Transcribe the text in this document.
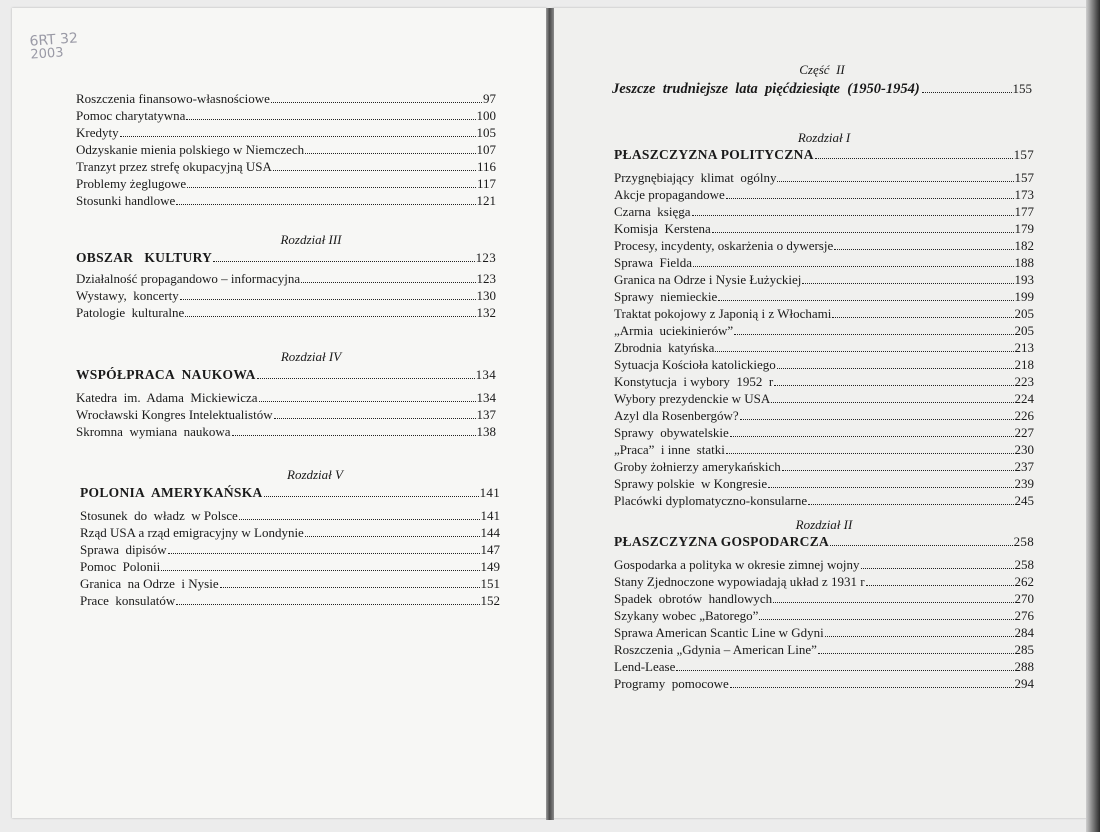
6RT 32
2003
Roszczenia finansowo-własnościowe	97
Pomoc charytatywna	100
Kredyty	105
Odzyskanie mienia polskiego w Niemczech	107
Tranzyt przez strefę okupacyjną USA	116
Problemy żeglugowe	117
Stosunki handlowe	121
Rozdział III
OBSZAR   KULTURY	123
Działalność propagandowo – informacyjna	123
Wystawy,  koncerty	130
Patologie  kulturalne	132
Rozdział IV
WSPÓŁPRACA  NAUKOWA	134
Katedra  im.  Adama  Mickiewicza	134
Wrocławski Kongres Intelektualistów	137
Skromna  wymiana  naukowa	138
Rozdział V
POLONIA  AMERYKAŃSKA	141
Stosunek  do  władz  w Polsce	141
Rząd USA a rząd emigracyjny w Londynie	144
Sprawa  dipisów	147
Pomoc  Polonii	149
Granica  na Odrze  i Nysie	151
Prace  konsulatów	152
Część  II
Jeszcze  trudniejsze  lata  pięćdziesiąte  (1950-1954)	155
Rozdział I
PŁASZCZYZNA POLITYCZNA	157
Przygnębiający  klimat  ogólny	157
Akcje propagandowe	173
Czarna  księga	177
Komisja  Kerstena	179
Procesy, incydenty, oskarżenia o dywersje	182
Sprawa  Fielda	188
Granica na Odrze i Nysie Łużyckiej	193
Sprawy  niemieckie	199
Traktat pokojowy z Japonią i z Włochami	205
„Armia  uciekinierów”	205
Zbrodnia  katyńska	213
Sytuacja Kościoła katolickiego	218
Konstytucja  i wybory  1952  r	223
Wybory prezydenckie w USA	224
Azyl dla Rosenbergów?	226
Sprawy  obywatelskie	227
„Praca”  i inne  statki	230
Groby żołnierzy amerykańskich	237
Sprawy polskie  w Kongresie	239
Placówki dyplomatyczno-konsularne	245
Rozdział II
PŁASZCZYZNA GOSPODARCZA	258
Gospodarka a polityka w okresie zimnej wojny	258
Stany Zjednoczone wypowiadają układ z 1931 r	262
Spadek  obrotów  handlowych	270
Szykany wobec „Batorego”	276
Sprawa American Scantic Line w Gdyni	284
Roszczenia „Gdynia – American Line”	285
Lend-Lease	288
Programy  pomocowe	294
